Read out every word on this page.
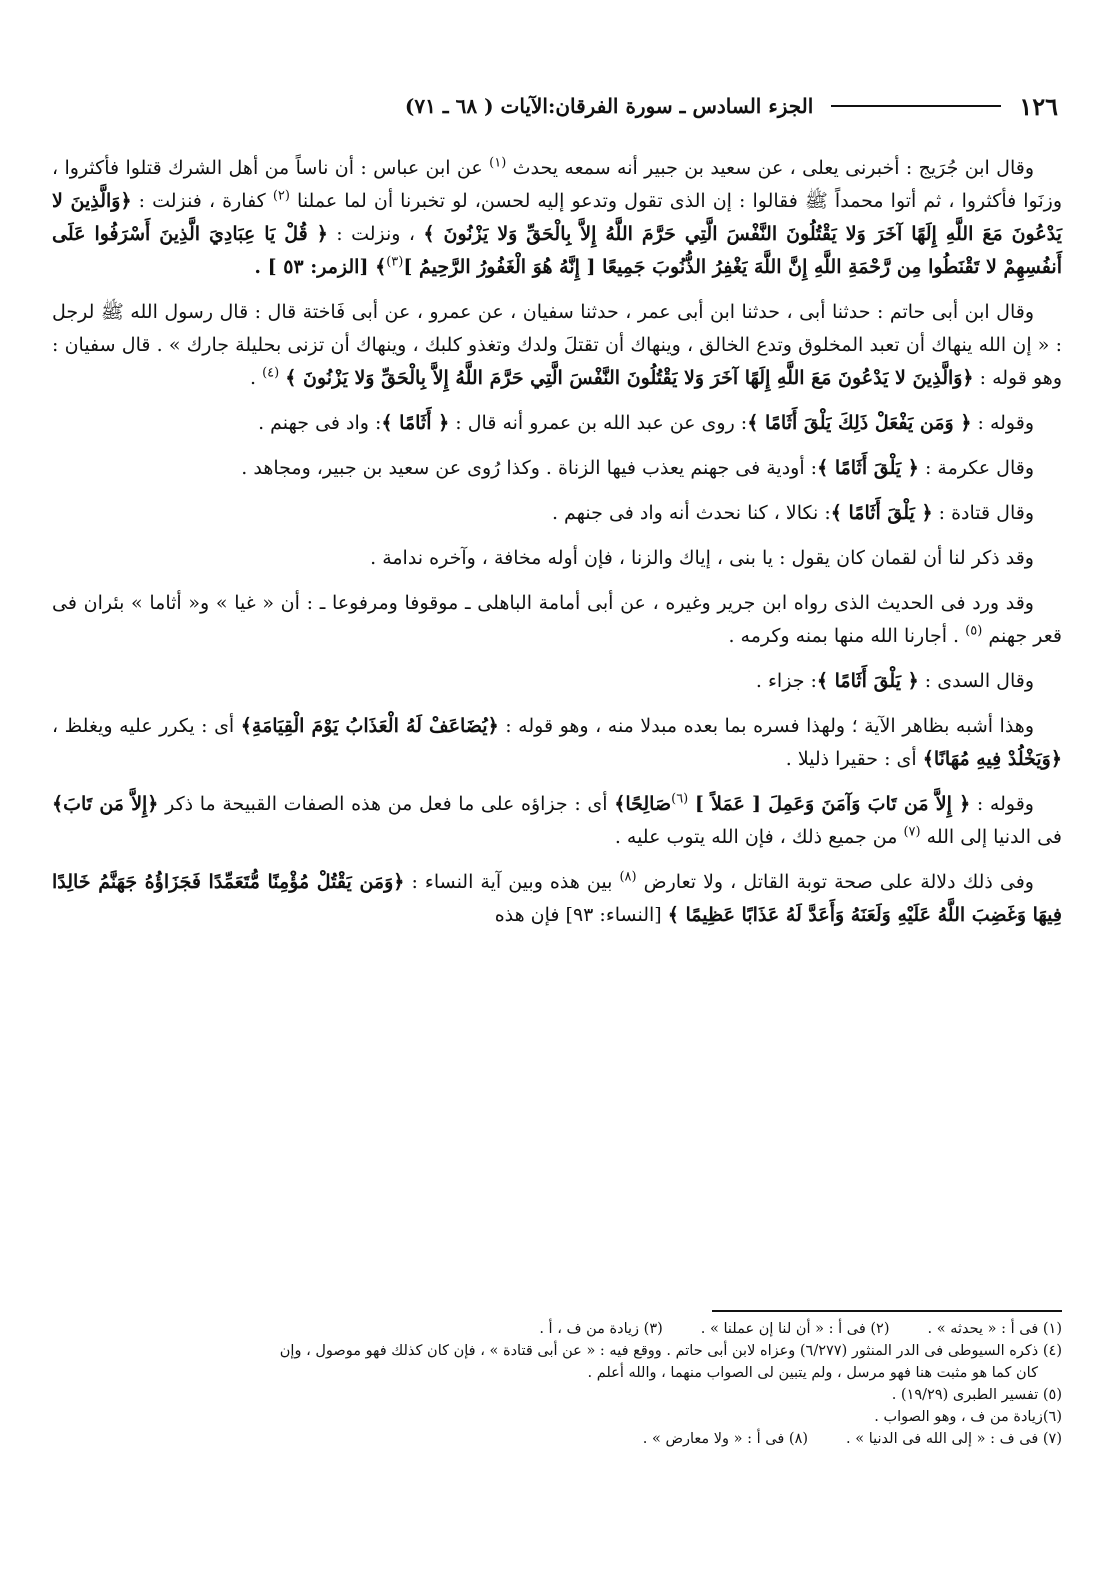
١٢٦
الجزء السادس ـ سورة الفرقان:الآيات ( ٦٨ ـ ٧١)

وقال ابن جُرَيج : أخبرنى يعلى ، عن سعيد بن جبير أنه سمعه يحدث $^{(١)}$ عن ابن عباس : أن ناساً من أهل الشرك قتلوا فأكثروا ، وزنَوا فأكثروا ، ثم أتوا محمداً ﷺ فقالوا : إن الذى تقول وتدعو إليه لحسن، لو تخبرنا أن لما عملنا $^{(٢)}$ كفارة ، فنزلت : ﴿وَالَّذِينَ لا يَدْعُونَ مَعَ اللَّهِ إِلَهًا آخَرَ وَلا يَقْتُلُونَ النَّفْسَ الَّتِي حَرَّمَ اللَّهُ إِلاَّ بِالْحَقِّ وَلا يَزْنُونَ ﴾ ، ونزلت : ﴿ قُلْ يَا عِبَادِيَ الَّذِينَ أَسْرَفُوا عَلَى أَنفُسِهِمْ لا تَقْنَطُوا مِن رَّحْمَةِ اللَّهِ إِنَّ اللَّهَ يَغْفِرُ الذُّنُوبَ جَمِيعًا [ إِنَّهُ هُوَ الْغَفُورُ الرَّحِيمُ ]$^{(٣)}$﴾ [الزمر: ٥٣ ] .

وقال ابن أبى حاتم : حدثنا أبى ، حدثنا ابن أبى عمر ، حدثنا سفيان ، عن عمرو ، عن أبى فَاختة قال : قال رسول الله ﷺ لرجل : « إن الله ينهاك أن تعبد المخلوق وتدع الخالق ، وينهاك أن تقتلَ ولدك وتغذو كلبك ، وينهاك أن تزنى بحليلة جارك » . قال سفيان : وهو قوله : ﴿وَالَّذِينَ لا يَدْعُونَ مَعَ اللَّهِ إِلَهًا آخَرَ وَلا يَقْتُلُونَ النَّفْسَ الَّتِي حَرَّمَ اللَّهُ إِلاَّ بِالْحَقِّ وَلا يَزْنُونَ ﴾ $^{(٤)}$ .

وقوله : ﴿ وَمَن يَفْعَلْ ذَلِكَ يَلْقَ أَثَامًا ﴾: روى عن عبد الله بن عمرو أنه قال : ﴿ أَثَامًا ﴾: واد فى جهنم .

وقال عكرمة : ﴿ يَلْقَ أَثَامًا ﴾: أودية فى جهنم يعذب فيها الزناة . وكذا رُوى عن سعيد بن جبير، ومجاهد .

وقال قتادة : ﴿ يَلْقَ أَثَامًا ﴾: نكالا ، كنا نحدث أنه واد فى جنهم .

وقد ذكر لنا أن لقمان كان يقول : يا بنى ، إياك والزنا ، فإن أوله مخافة ، وآخره ندامة .

وقد ورد فى الحديث الذى رواه ابن جرير وغيره ، عن أبى أمامة الباهلى ـ موقوفا ومرفوعا ـ : أن « غيا » و« أثاما » بئران فى قعر جهنم $^{(٥)}$ . أجارنا الله منها بمنه وكرمه .

وقال السدى : ﴿ يَلْقَ أَثَامًا ﴾: جزاء .

وهذا أشبه بظاهر الآية ؛ ولهذا فسره بما بعده مبدلا منه ، وهو قوله : ﴿يُضَاعَفْ لَهُ الْعَذَابُ يَوْمَ الْقِيَامَةِ﴾ أى : يكرر عليه ويغلظ ، ﴿وَيَخْلُدْ فِيهِ مُهَانًا﴾ أى : حقيرا ذليلا .

وقوله : ﴿ إِلاَّ مَن تَابَ وَآمَنَ وَعَمِلَ [ عَمَلاً ] $^{(٦)}$صَالِحًا﴾ أى : جزاؤه على ما فعل من هذه الصفات القبيحة ما ذكر ﴿إِلاَّ مَن تَابَ﴾ فى الدنيا إلى الله $^{(٧)}$ من جميع ذلك ، فإن الله يتوب عليه .

وفى ذلك دلالة على صحة توبة القاتل ، ولا تعارض $^{(٨)}$ بين هذه وبين آية النساء : ﴿وَمَن يَقْتُلْ مُؤْمِنًا مُّتَعَمِّدًا فَجَزَاؤُهُ جَهَنَّمُ خَالِدًا فِيهَا وَغَضِبَ اللَّهُ عَلَيْهِ وَلَعَنَهُ وَأَعَدَّ لَهُ عَذَابًا عَظِيمًا ﴾ [النساء: ٩٣] فإن هذه

(١) فى أ : « يحدثه » .
(٢) فى أ : « أن لنا إن عملنا » .
(٣) زيادة من ف ، أ .

(٤) ذكره السيوطى فى الدر المنثور (٦/٢٧٧) وعزاه لابن أبى حاتم . ووقع فيه : « عن أبى قتادة » ، فإن كان كذلك فهو موصول ، وإن

كان كما هو مثبت هنا فهو مرسل ، ولم يتبين لى الصواب منهما ، والله أعلم .

(٥) تفسير الطبرى (١٩/٢٩) .

(٦)زيادة من ف ، وهو الصواب .

(٧) فى ف : « إلى الله فى الدنيا » .
(٨) فى أ : « ولا معارض » .
